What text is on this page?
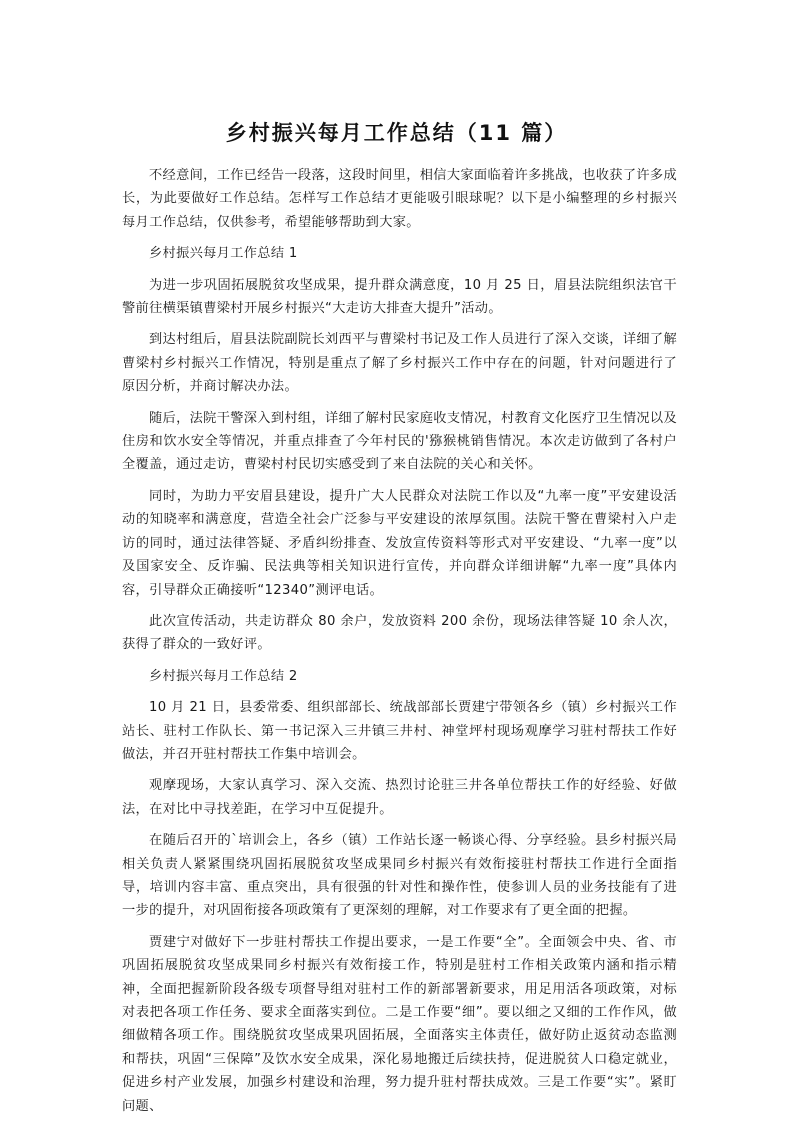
乡村振兴每月工作总结（11 篇）

不经意间，工作已经告一段落，这段时间里，相信大家面临着许多挑战，也收获了许多成长，为此要做好工作总结。怎样写工作总结才更能吸引眼球呢？以下是小编整理的乡村振兴每月工作总结，仅供参考，希望能够帮助到大家。

乡村振兴每月工作总结 1

为进一步巩固拓展脱贫攻坚成果，提升群众满意度，10 月 25 日，眉县法院组织法官干警前往横渠镇曹梁村开展乡村振兴“大走访大排查大提升”活动。

到达村组后，眉县法院副院长刘西平与曹梁村书记及工作人员进行了深入交谈，详细了解曹梁村乡村振兴工作情况，特别是重点了解了乡村振兴工作中存在的问题，针对问题进行了原因分析，并商讨解决办法。

随后，法院干警深入到村组，详细了解村民家庭收支情况，村教育文化医疗卫生情况以及住房和饮水安全等情况，并重点排查了今年村民的'猕猴桃销售情况。本次走访做到了各村户全覆盖，通过走访，曹梁村村民切实感受到了来自法院的关心和关怀。

同时，为助力平安眉县建设，提升广大人民群众对法院工作以及“九率一度”平安建设活动的知晓率和满意度，营造全社会广泛参与平安建设的浓厚氛围。法院干警在曹梁村入户走访的同时，通过法律答疑、矛盾纠纷排查、发放宣传资料等形式对平安建设、“九率一度”以及国家安全、反诈骗、民法典等相关知识进行宣传，并向群众详细讲解“九率一度”具体内容，引导群众正确接听“12340”测评电话。

此次宣传活动，共走访群众 80 余户，发放资料 200 余份，现场法律答疑 10 余人次，获得了群众的一致好评。

乡村振兴每月工作总结 2

10 月 21 日，县委常委、组织部部长、统战部部长贾建宁带领各乡（镇）乡村振兴工作站长、驻村工作队长、第一书记深入三井镇三井村、神堂坪村现场观摩学习驻村帮扶工作好做法，并召开驻村帮扶工作集中培训会。

观摩现场，大家认真学习、深入交流、热烈讨论驻三井各单位帮扶工作的好经验、好做法，在对比中寻找差距，在学习中互促提升。

在随后召开的`培训会上，各乡（镇）工作站长逐一畅谈心得、分享经验。县乡村振兴局相关负责人紧紧围绕巩固拓展脱贫攻坚成果同乡村振兴有效衔接驻村帮扶工作进行全面指导，培训内容丰富、重点突出，具有很强的针对性和操作性，使参训人员的业务技能有了进一步的提升，对巩固衔接各项政策有了更深刻的理解，对工作要求有了更全面的把握。

贾建宁对做好下一步驻村帮扶工作提出要求，一是工作要“全”。全面领会中央、省、市巩固拓展脱贫攻坚成果同乡村振兴有效衔接工作，特别是驻村工作相关政策内涵和指示精神，全面把握新阶段各级专项督导组对驻村工作的新部署新要求，用足用活各项政策，对标对表把各项工作任务、要求全面落实到位。二是工作要“细”。要以细之又细的工作作风，做细做精各项工作。围绕脱贫攻坚成果巩固拓展，全面落实主体责任，做好防止返贫动态监测和帮扶，巩固“三保障”及饮水安全成果，深化易地搬迁后续扶持，促进脱贫人口稳定就业，促进乡村产业发展，加强乡村建设和治理，努力提升驻村帮扶成效。三是工作要“实”。紧盯问题、
